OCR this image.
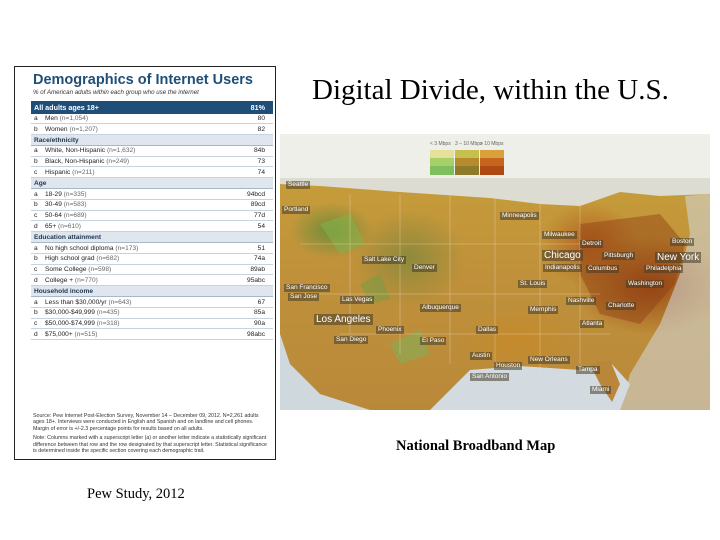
Digital Divide, within the U.S.
Demographics of Internet Users
% of American adults within each group who use the internet
All adults ages 18+	81%
a	Men (n=1,054)	80
b	Women (n=1,207)	82
Race/ethnicity
a	White, Non-Hispanic (n=1,632)	84b
b	Black, Non-Hispanic (n=249)	73
c	Hispanic (n=211)	74
Age
a	18-29 (n=335)	94bcd
b	30-49 (n=583)	89cd
c	50-64 (n=689)	77d
d	65+ (n=610)	54
Education attainment
a	No high school diploma (n=173)	51
b	High school grad (n=682)	74a
c	Some College (n=598)	89ab
d	College + (n=770)	95abc
Household income
a	Less than $30,000/yr (n=643)	67
b	$30,000-$49,999 (n=435)	85a
c	$50,000-$74,999 (n=318)	90a
d	$75,000+ (n=515)	98abc
Source: Pew Internet Post-Election Survey, November 14 – December 09, 2012. N=2,261 adults ages 18+. Interviews were conducted in English and Spanish and on landline and cell phones. Margin of error is +/-2.3 percentage points for results based on all adults.
Note: Columns marked with a superscript letter (a) or another letter indicate a statistically significant difference between that row and the row designated by that superscript letter. Statistical significance is determined inside the specific section covering each demographic trait.
< 3 Mbps 3 – 10 Mbps
> 10 Mbps
Seattle
Portland
Minneapolis
Milwaukee
Detroit	Boston
Pittsburgh
Chicago
Columbus
New York
Salt Lake City
Denver	Indianapolis	Philadelphia
San Francisco
San Jose
St. Louis	Washington
Las Vegas	Nashville
Charlotte
Los Angeles
Memphis
Atlanta
Phoenix
Albuquerque
Dallas
San Diego	El Paso
Austin
New Orleans
Houston
San Antonio
Tampa
Miami
National Broadband Map
Pew Study, 2012
